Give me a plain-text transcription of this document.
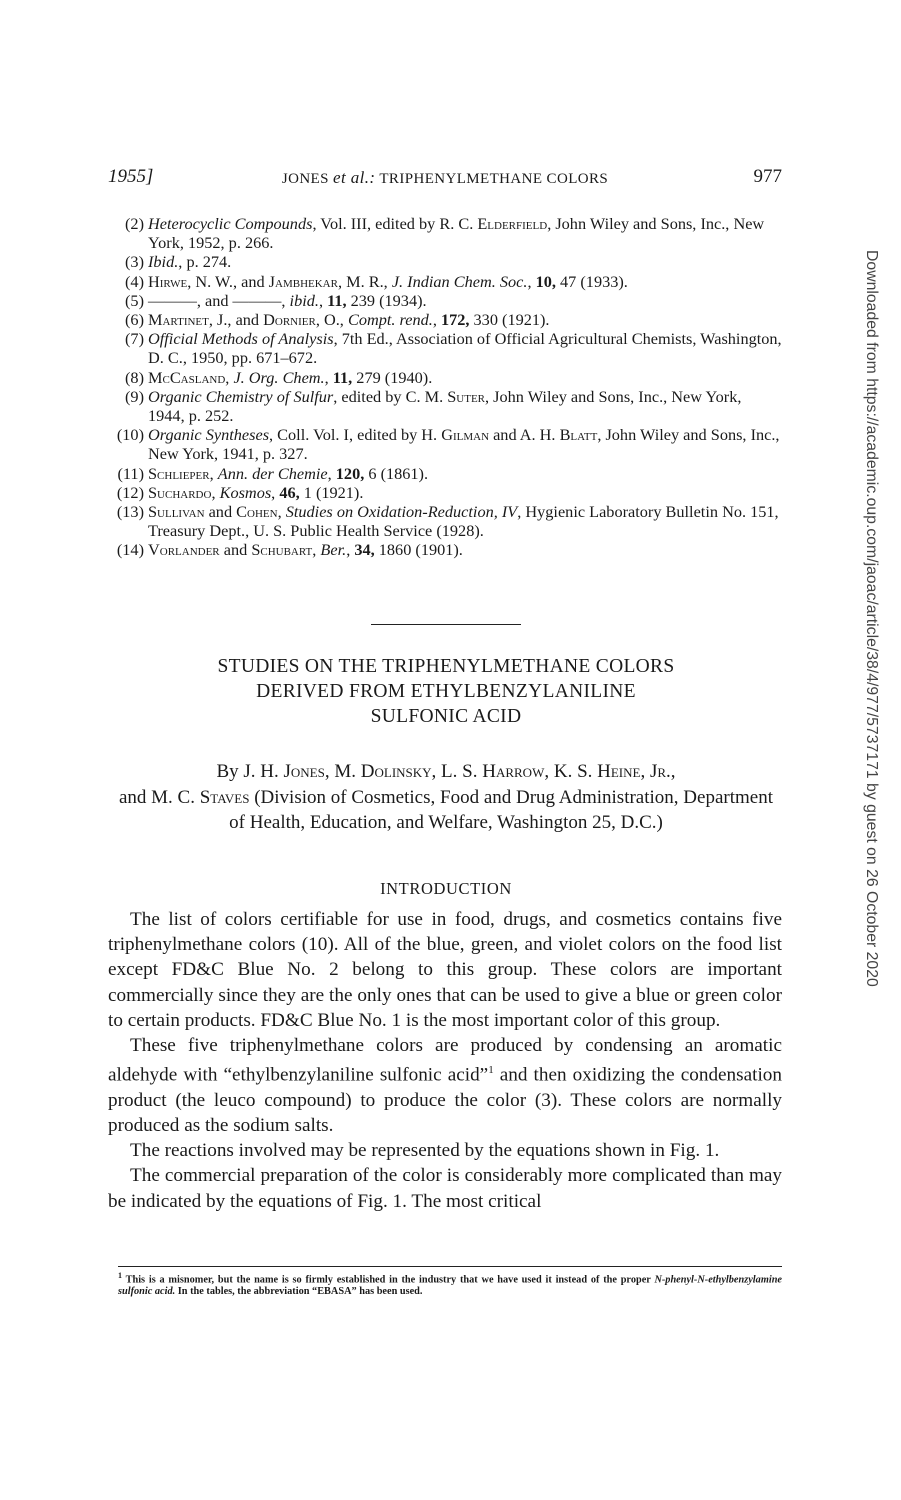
1955]	JONES et al.: TRIPHENYLMETHANE COLORS	977
(2) Heterocyclic Compounds, Vol. III, edited by R. C. Elderfield, John Wiley and Sons, Inc., New York, 1952, p. 266.
(3) Ibid., p. 274.
(4) Hirwe, N. W., and Jambhekar, M. R., J. Indian Chem. Soc., 10, 47 (1933).
(5) ———, and ———, ibid., 11, 239 (1934).
(6) Martinet, J., and Dornier, O., Compt. rend., 172, 330 (1921).
(7) Official Methods of Analysis, 7th Ed., Association of Official Agricultural Chemists, Washington, D. C., 1950, pp. 671–672.
(8) McCasland, J. Org. Chem., 11, 279 (1940).
(9) Organic Chemistry of Sulfur, edited by C. M. Suter, John Wiley and Sons, Inc., New York, 1944, p. 252.
(10) Organic Syntheses, Coll. Vol. I, edited by H. Gilman and A. H. Blatt, John Wiley and Sons, Inc., New York, 1941, p. 327.
(11) Schlieper, Ann. der Chemie, 120, 6 (1861).
(12) Suchardo, Kosmos, 46, 1 (1921).
(13) Sullivan and Cohen, Studies on Oxidation-Reduction, IV, Hygienic Laboratory Bulletin No. 151, Treasury Dept., U. S. Public Health Service (1928).
(14) Vorlander and Schubart, Ber., 34, 1860 (1901).
STUDIES ON THE TRIPHENYLMETHANE COLORS
DERIVED FROM ETHYLBENZYLANILINE
SULFONIC ACID
By J. H. Jones, M. Dolinsky, L. S. Harrow, K. S. Heine, Jr.,
and M. C. Staves (Division of Cosmetics, Food and Drug Administration, Department of Health, Education, and Welfare, Washington 25, D.C.)
INTRODUCTION

The list of colors certifiable for use in food, drugs, and cosmetics contains five triphenylmethane colors (10). All of the blue, green, and violet colors on the food list except FD&C Blue No. 2 belong to this group. These colors are important commercially since they are the only ones that can be used to give a blue or green color to certain products. FD&C Blue No. 1 is the most important color of this group.

These five triphenylmethane colors are produced by condensing an aromatic aldehyde with “ethylbenzylaniline sulfonic acid”$^1$ and then oxidizing the condensation product (the leuco compound) to produce the color (3). These colors are normally produced as the sodium salts.

The reactions involved may be represented by the equations shown in Fig. 1.

The commercial preparation of the color is considerably more complicated than may be indicated by the equations of Fig. 1. The most critical

$^1$ This is a misnomer, but the name is so firmly established in the industry that we have used it instead of the proper N-phenyl-N-ethylbenzylamine sulfonic acid. In the tables, the abbreviation “EBASA” has been used.
Downloaded from https://academic.oup.com/jaoac/article/38/4/977/5737171 by guest on 26 October 2020
